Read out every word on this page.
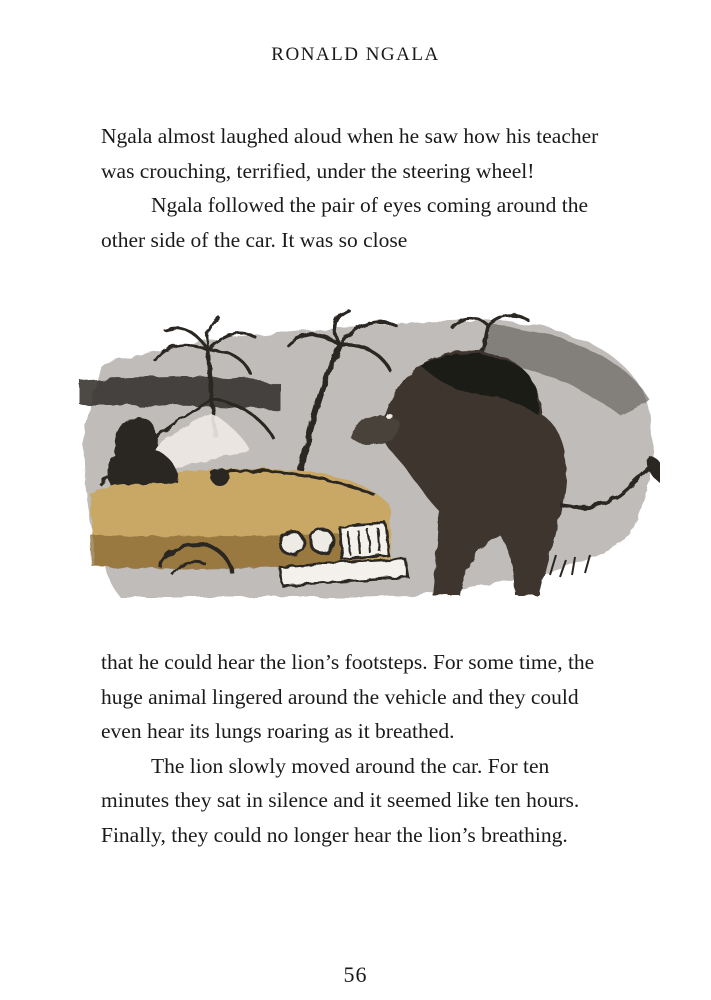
RONALD NGALA

Ngala almost laughed aloud when he saw how his teacher was crouching, terrified, under the steering wheel!

Ngala followed the pair of eyes coming around the other side of the car. It was so close

that he could hear the lion’s footsteps. For some time, the huge animal lingered around the vehicle and they could even hear its lungs roaring as it breathed.

The lion slowly moved around the car. For ten minutes they sat in silence and it seemed like ten hours. Finally, they could no longer hear the lion’s breathing.

56
